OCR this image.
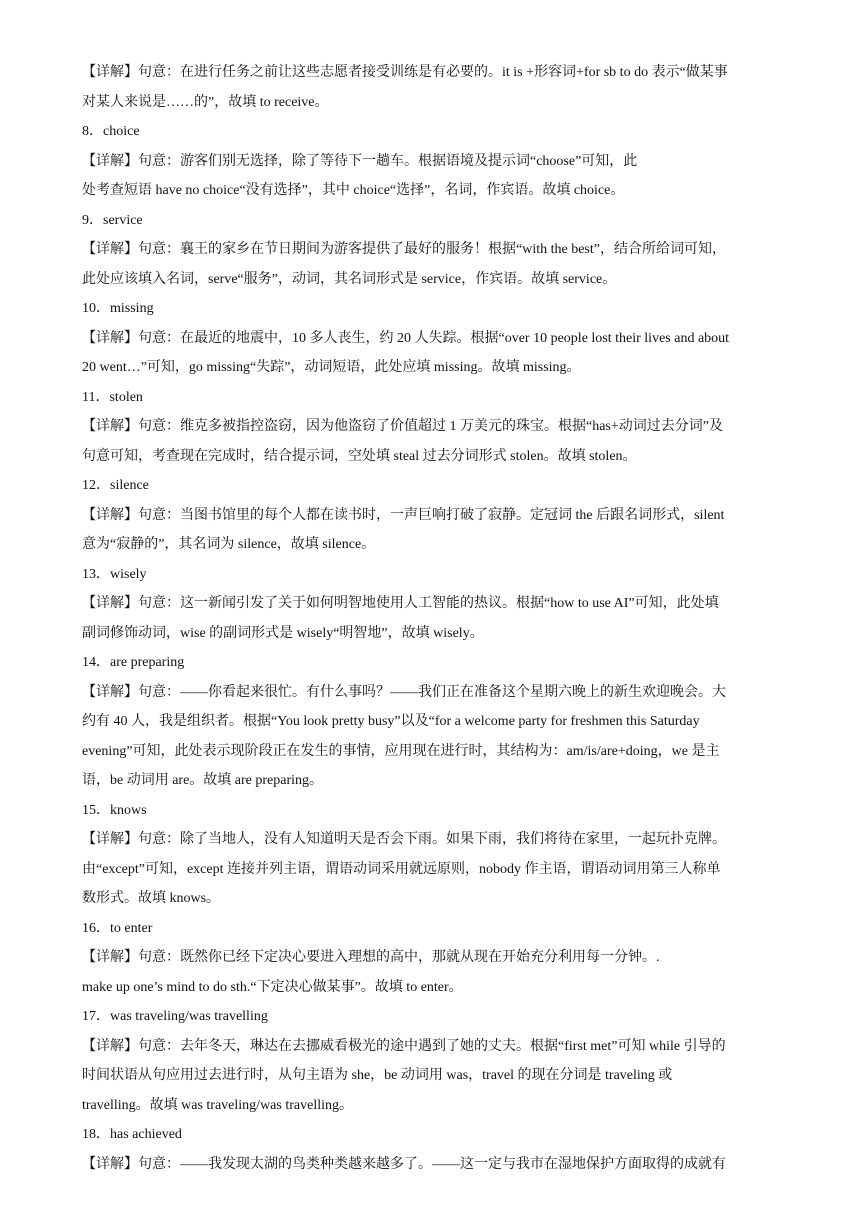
【详解】句意：在进行任务之前让这些志愿者接受训练是有必要的。it is +形容词+for sb to do 表示“做某事
对某人来说是……的”，故填 to receive。
8．choice
【详解】句意：游客们别无选择，除了等待下一趟车。根据语境及提示词“choose”可知，此
处考查短语 have no choice“没有选择”，其中 choice“选择”，名词，作宾语。故填 choice。
9．service
【详解】句意：襄王的家乡在节日期间为游客提供了最好的服务！根据“with the best”，结合所给词可知，
此处应该填入名词，serve“服务”，动词，其名词形式是 service，作宾语。故填 service。
10．missing
【详解】句意：在最近的地震中，10 多人丧生，约 20 人失踪。根据“over 10 people lost their lives and about
20 went…”可知，go missing“失踪”，动词短语，此处应填 missing。故填 missing。
11．stolen
【详解】句意：维克多被指控盗窃，因为他盗窃了价值超过 1 万美元的珠宝。根据“has+动词过去分词”及
句意可知，考查现在完成时，结合提示词，空处填 steal 过去分词形式 stolen。故填 stolen。
12．silence
【详解】句意：当图书馆里的每个人都在读书时，一声巨响打破了寂静。定冠词 the 后跟名词形式，silent
意为“寂静的”，其名词为 silence，故填 silence。
13．wisely
【详解】句意：这一新闻引发了关于如何明智地使用人工智能的热议。根据“how to use AI”可知，此处填
副词修饰动词，wise 的副词形式是 wisely“明智地”，故填 wisely。
14．are preparing
【详解】句意：——你看起来很忙。有什么事吗？——我们正在准备这个星期六晚上的新生欢迎晚会。大
约有 40 人，我是组织者。根据“You look pretty busy”以及“for a welcome party for freshmen this Saturday
evening”可知，此处表示现阶段正在发生的事情，应用现在进行时，其结构为：am/is/are+doing，we 是主
语，be 动词用 are。故填 are preparing。
15．knows
【详解】句意：除了当地人，没有人知道明天是否会下雨。如果下雨，我们将待在家里，一起玩扑克牌。
由“except”可知，except 连接并列主语，谓语动词采用就远原则，nobody 作主语，谓语动词用第三人称单
数形式。故填 knows。
16．to enter
【详解】句意：既然你已经下定决心要进入理想的高中，那就从现在开始充分利用每一分钟。.
make up one’s mind to do sth.“下定决心做某事”。故填 to enter。
17．was traveling/was travelling
【详解】句意：去年冬天，琳达在去挪威看极光的途中遇到了她的丈夫。根据“first met”可知 while 引导的
时间状语从句应用过去进行时，从句主语为 she，be 动词用 was，travel 的现在分词是 traveling 或
travelling。故填 was traveling/was travelling。
18．has achieved
【详解】句意：——我发现太湖的鸟类种类越来越多了。——这一定与我市在湿地保护方面取得的成就有
